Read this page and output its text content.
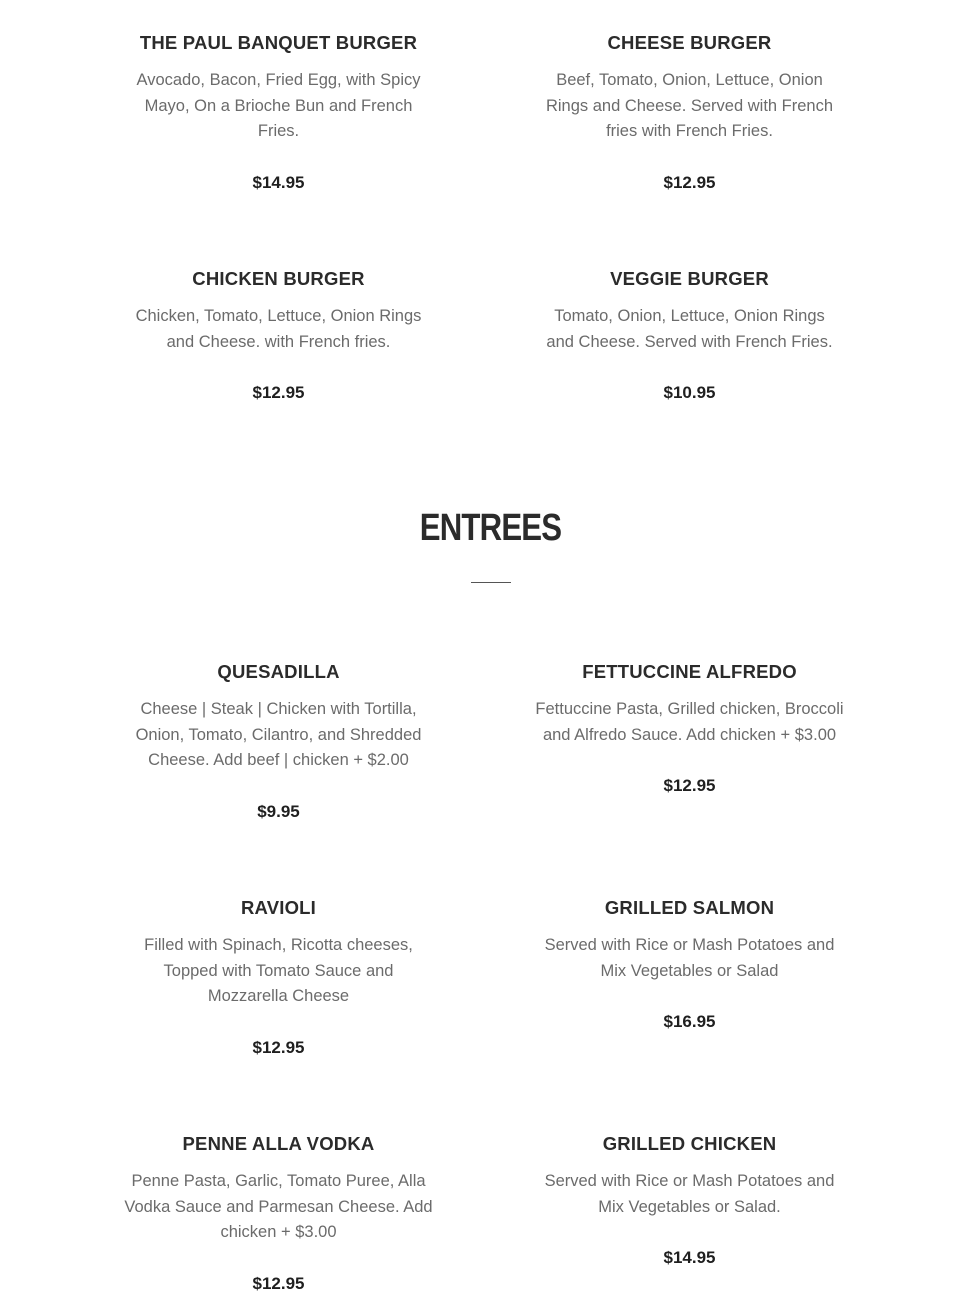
THE PAUL BANQUET BURGER

Avocado, Bacon, Fried Egg, with Spicy Mayo, On a Brioche Bun and French Fries.

$14.95

CHEESE BURGER

Beef, Tomato, Onion, Lettuce, Onion Rings and Cheese. Served with French fries with French Fries.

$12.95

CHICKEN BURGER

Chicken, Tomato, Lettuce, Onion Rings and Cheese. with French fries.

$12.95

VEGGIE BURGER

Tomato, Onion, Lettuce, Onion Rings and Cheese. Served with French Fries.

$10.95

ENTREES
QUESADILLA

Cheese | Steak | Chicken with Tortilla, Onion, Tomato, Cilantro, and Shredded Cheese. Add beef | chicken + $2.00

$9.95

FETTUCCINE ALFREDO

Fettuccine Pasta, Grilled chicken, Broccoli and Alfredo Sauce. Add chicken + $3.00

$12.95

RAVIOLI

Filled with Spinach, Ricotta cheeses, Topped with Tomato Sauce and Mozzarella Cheese

$12.95

GRILLED SALMON

Served with Rice or Mash Potatoes and Mix Vegetables or Salad

$16.95

PENNE ALLA VODKA

Penne Pasta, Garlic, Tomato Puree, Alla Vodka Sauce and Parmesan Cheese. Add chicken + $3.00

$12.95

GRILLED CHICKEN

Served with Rice or Mash Potatoes and Mix Vegetables or Salad.

$14.95
